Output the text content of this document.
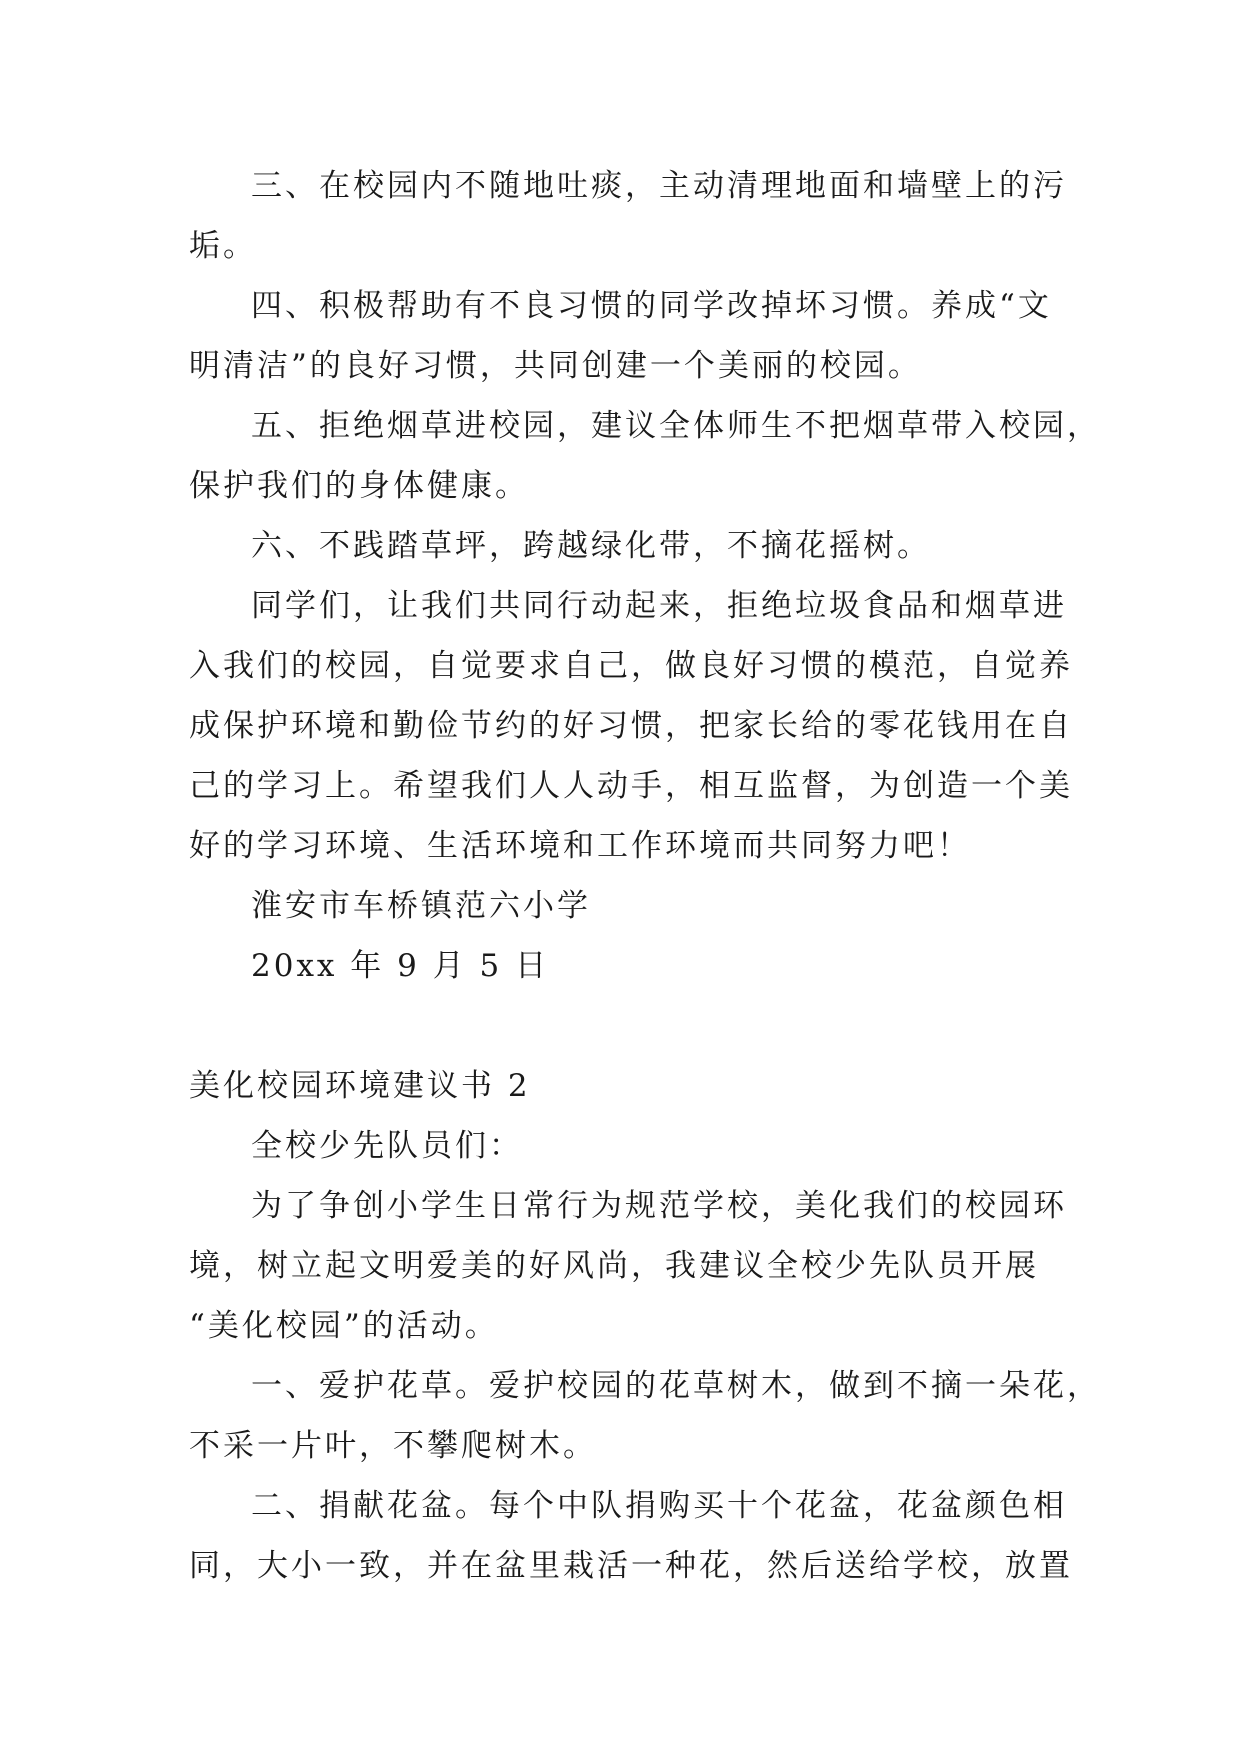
三、在校园内不随地吐痰，主动清理地面和墙壁上的污
垢。

四、积极帮助有不良习惯的同学改掉坏习惯。养成“文
明清洁”的良好习惯，共同创建一个美丽的校园。

五、拒绝烟草进校园，建议全体师生不把烟草带入校园，
保护我们的身体健康。

六、不践踏草坪，跨越绿化带，不摘花摇树。

同学们，让我们共同行动起来，拒绝垃圾食品和烟草进
入我们的校园，自觉要求自己，做良好习惯的模范，自觉养
成保护环境和勤俭节约的好习惯，把家长给的零花钱用在自
己的学习上。希望我们人人动手，相互监督，为创造一个美
好的学习环境、生活环境和工作环境而共同努力吧！

淮安市车桥镇范六小学

20xx 年 9 月 5 日

美化校园环境建议书 2

全校少先队员们：

为了争创小学生日常行为规范学校，美化我们的校园环
境，树立起文明爱美的好风尚，我建议全校少先队员开展
“美化校园”的活动。

一、爱护花草。爱护校园的花草树木，做到不摘一朵花，
不采一片叶，不攀爬树木。

二、捐献花盆。每个中队捐购买十个花盆，花盆颜色相
同，大小一致，并在盆里栽活一种花，然后送给学校，放置
